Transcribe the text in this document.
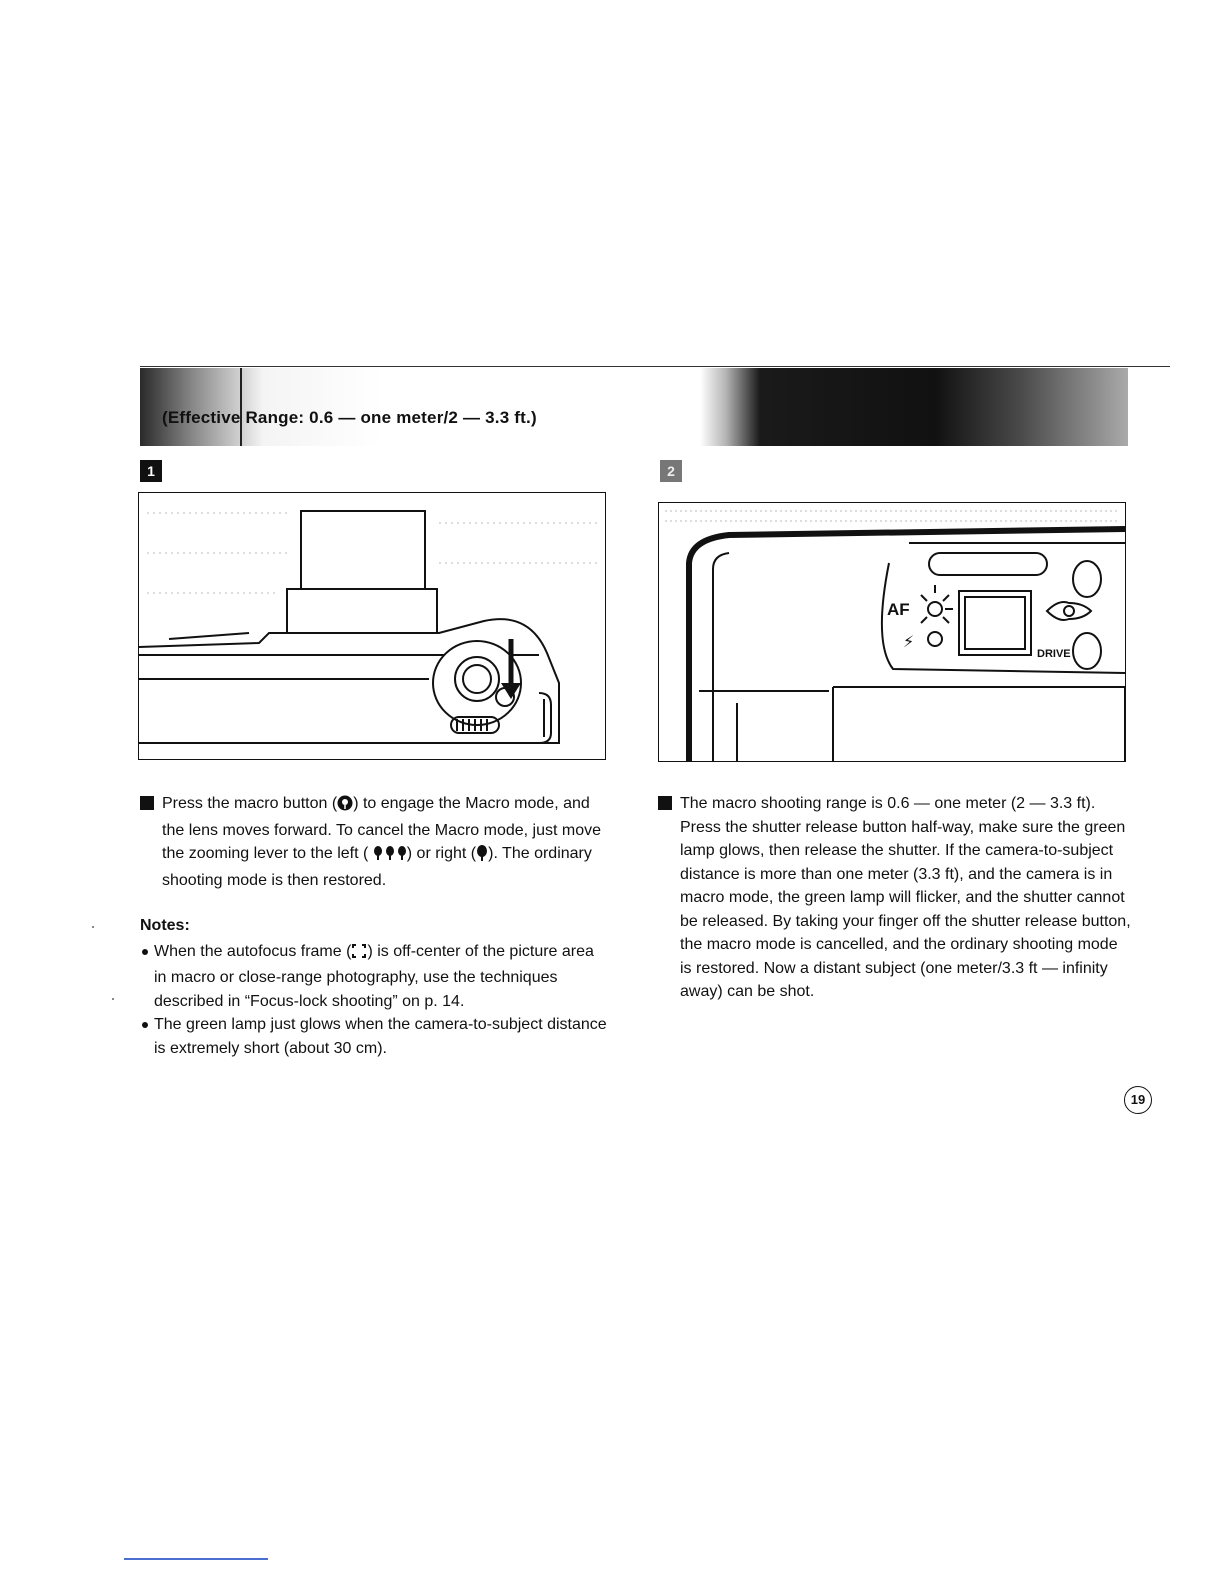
(Effective Range: 0.6 — one meter/2 — 3.3 ft.)
1	2
AF
⚡
DRIVE

Press the macro button ( ) to engage the Macro mode, and the lens moves forward. To cancel the Macro mode, just move the zooming lever to the left ( ) or right ( ). The ordinary shooting mode is then restored.

Notes:
When the autofocus frame ( ) is off-center of the picture area in macro or close-range photography, use the techniques described in “Focus-lock shooting” on p. 14.
The green lamp just glows when the camera-to-subject distance is extremely short (about 30 cm).

The macro shooting range is 0.6 — one meter (2 — 3.3 ft). Press the shutter release button half-way, make sure the green lamp glows, then release the shutter. If the camera-to-subject distance is more than one meter (3.3 ft), and the camera is in macro mode, the green lamp will flicker, and the shutter cannot be released. By taking your finger off the shutter release button, the macro mode is cancelled, and the ordinary shooting mode is restored. Now a distant subject (one meter/3.3 ft — infinity away) can be shot.

19
